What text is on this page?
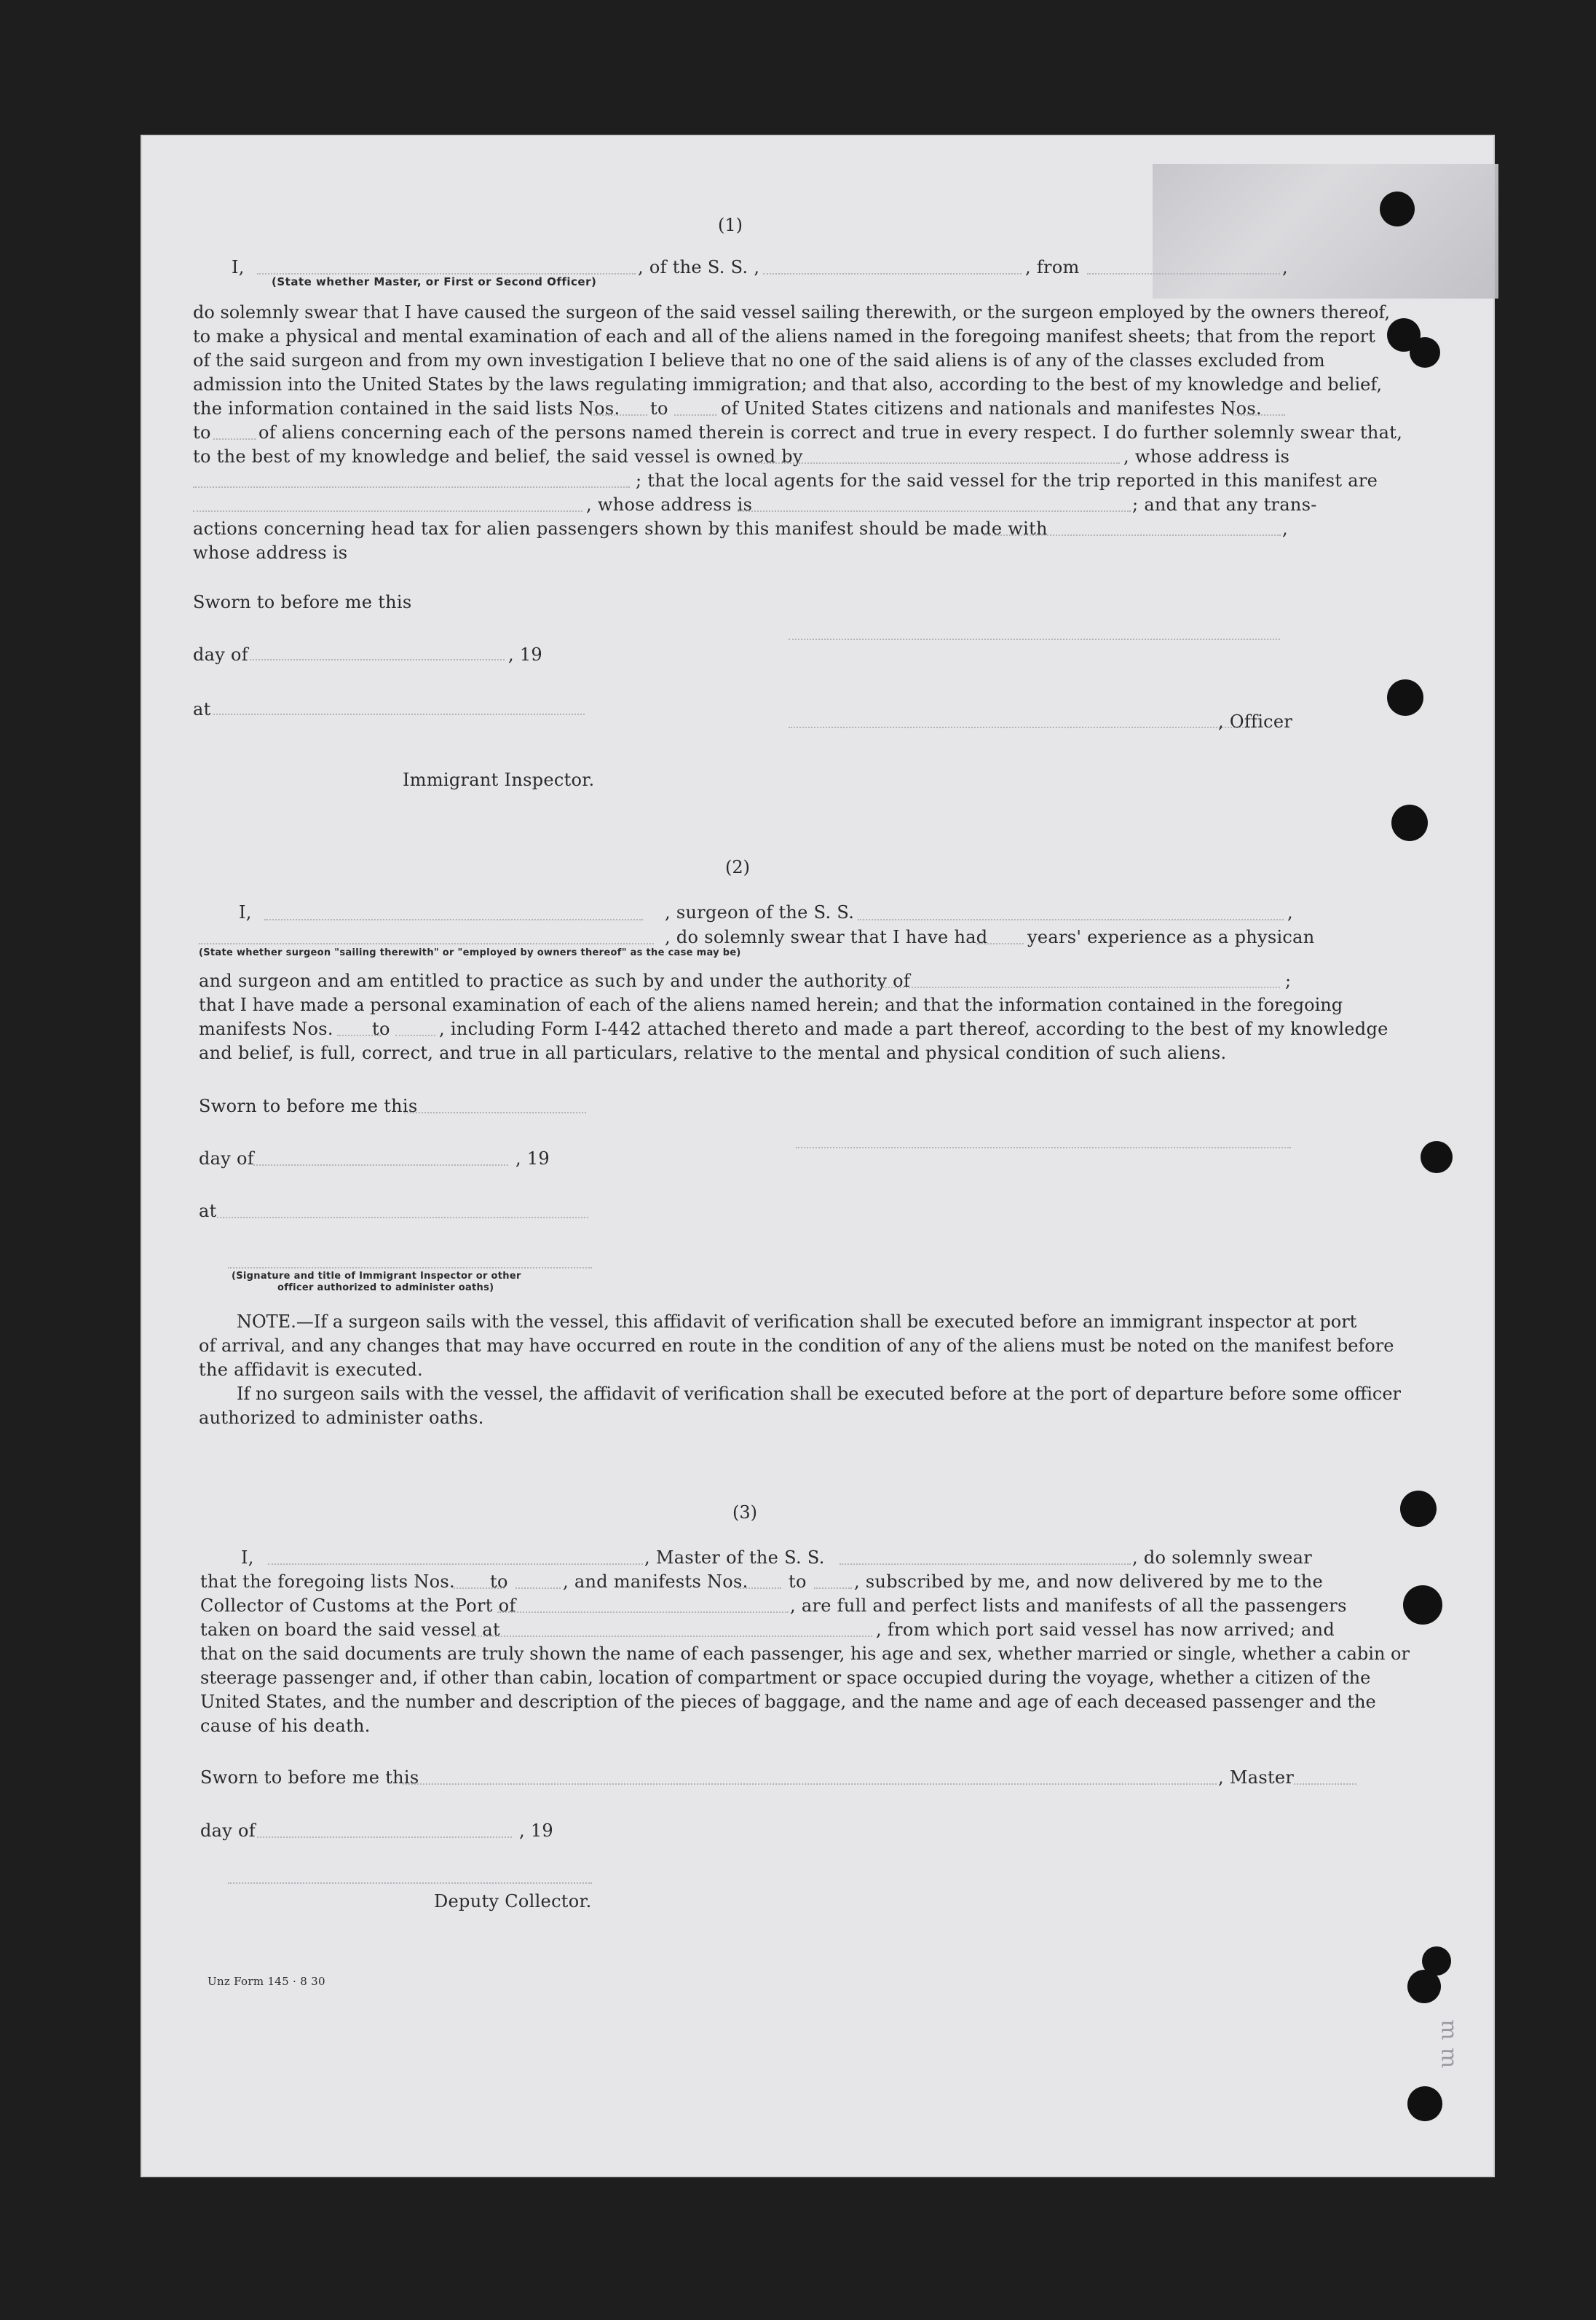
ɯ ɯ
(1)
I,	, of the S. S. ,	, from	,
(State whether Master, or First or Second Officer)
do solemnly swear that I have caused the surgeon of the said vessel sailing therewith, or the surgeon employed by the owners thereof,
to make a physical and mental examination of each and all of the aliens named in the foregoing manifest sheets; that from the report
of the said surgeon and from my own investigation I believe that no one of the said aliens is of any of the classes excluded from
admission into the United States by the laws regulating immigration; and that also, according to the best of my knowledge and belief,
the information contained in the said lists Nos. to	of United States citizens and nationals and manifestes Nos.
to	of aliens concerning each of the persons named therein is correct and true in every respect. I do further solemnly swear that,
to the best of my knowledge and belief, the said vessel is owned by	, whose address is
; that the local agents for the said vessel for the trip reported in this manifest are
, whose address is	; and that any trans-
actions concerning head tax for alien passengers shown by this manifest should be made with	,
whose address is
Sworn to before me this
day of	, 19
at
, Officer
Immigrant Inspector.
(2)
I,	, surgeon of the S. S.	,
, do solemnly swear that I have had years' experience as a physican
(State whether surgeon "sailing therewith" or "employed by owners thereof" as the case may be)
and surgeon and am entitled to practice as such by and under the authority of	;
that I have made a personal examination of each of the aliens named herein; and that the information contained in the foregoing
manifests Nos. to	, including Form I-442 attached thereto and made a part thereof, according to the best of my knowledge
and belief, is full, correct, and true in all particulars, relative to the mental and physical condition of such aliens.
Sworn to before me this
day of	, 19
at
(Signature and title of Immigrant Inspector or other
officer authorized to administer oaths)
NOTE.—If a surgeon sails with the vessel, this affidavit of verification shall be executed before an immigrant inspector at port
of arrival, and any changes that may have occurred en route in the condition of any of the aliens must be noted on the manifest before
the affidavit is executed.
If no surgeon sails with the vessel, the affidavit of verification shall be executed before at the port of departure before some officer
authorized to administer oaths.
(3)
I,	, Master of the S. S.	, do solemnly swear
that the foregoing lists Nos. to	, and manifests Nos. to	, subscribed by me, and now delivered by me to the
Collector of Customs at the Port of	, are full and perfect lists and manifests of all the passengers
taken on board the said vessel at	, from which port said vessel has now arrived; and
that on the said documents are truly shown the name of each passenger, his age and sex, whether married or single, whether a cabin or
steerage passenger and, if other than cabin, location of compartment or space occupied during the voyage, whether a citizen of the
United States, and the number and description of the pieces of baggage, and the name and age of each deceased passenger and the
cause of his death.
Sworn to before me this	, Master
day of	, 19
Deputy Collector.
Unz Form 145 · 8 30
